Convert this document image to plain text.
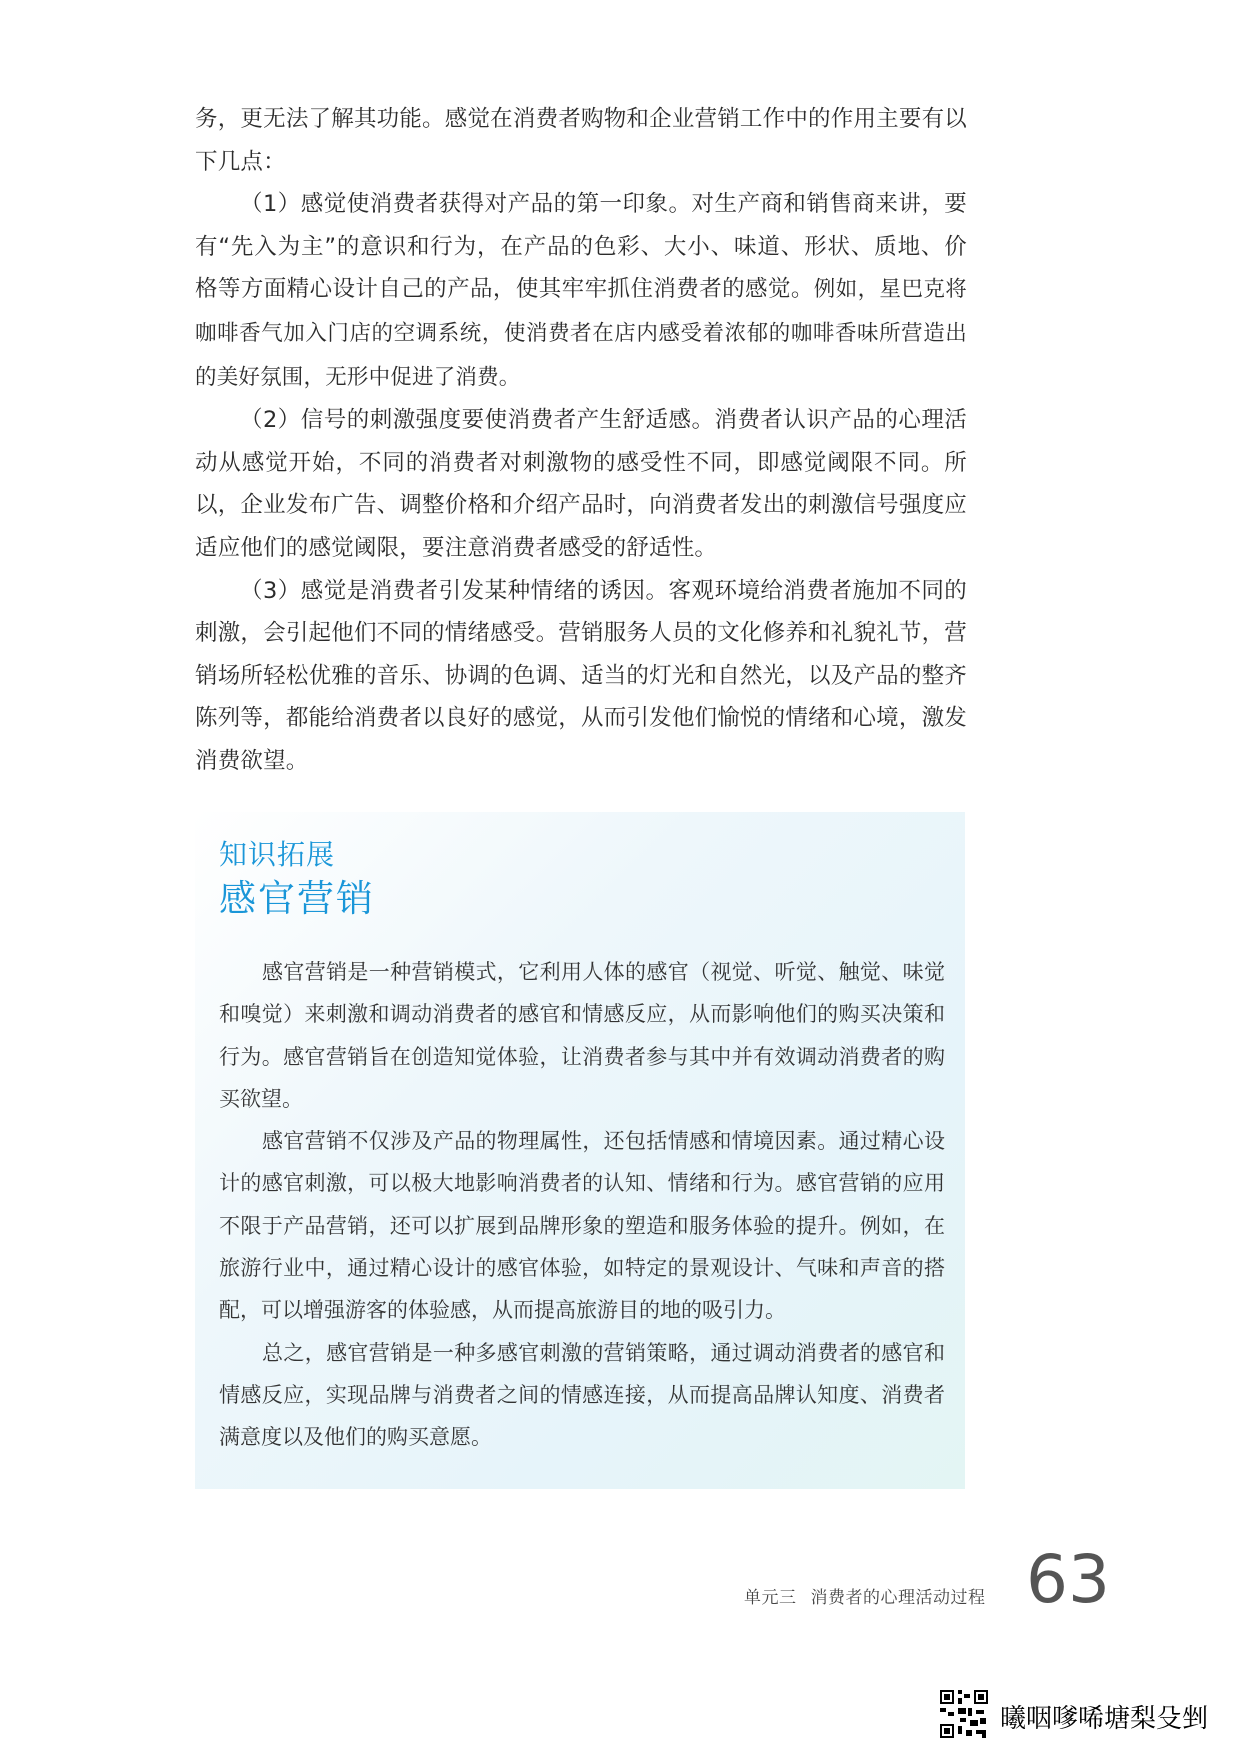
务，更无法了解其功能。感觉在消费者购物和企业营销工作中的作用主要有以下几点：

（1）感觉使消费者获得对产品的第一印象。对生产商和销售商来讲，要有“先入为主”的意识和行为，在产品的色彩、大小、味道、形状、质地、价格等方面精心设计自己的产品，使其牢牢抓住消费者的感觉。例如，星巴克将咖啡香气加入门店的空调系统，使消费者在店内感受着浓郁的咖啡香味所营造出的美好氛围，无形中促进了消费。

（2）信号的刺激强度要使消费者产生舒适感。消费者认识产品的心理活动从感觉开始，不同的消费者对刺激物的感受性不同，即感觉阈限不同。所以，企业发布广告、调整价格和介绍产品时，向消费者发出的刺激信号强度应适应他们的感觉阈限，要注意消费者感受的舒适性。

（3）感觉是消费者引发某种情绪的诱因。客观环境给消费者施加不同的刺激，会引起他们不同的情绪感受。营销服务人员的文化修养和礼貌礼节，营销场所轻松优雅的音乐、协调的色调、适当的灯光和自然光，以及产品的整齐陈列等，都能给消费者以良好的感觉，从而引发他们愉悦的情绪和心境，激发消费欲望。

知识拓展
感官营销

感官营销是一种营销模式，它利用人体的感官（视觉、听觉、触觉、味觉和嗅觉）来刺激和调动消费者的感官和情感反应，从而影响他们的购买决策和行为。感官营销旨在创造知觉体验，让消费者参与其中并有效调动消费者的购买欲望。

感官营销不仅涉及产品的物理属性，还包括情感和情境因素。通过精心设计的感官刺激，可以极大地影响消费者的认知、情绪和行为。感官营销的应用不限于产品营销，还可以扩展到品牌形象的塑造和服务体验的提升。例如，在旅游行业中，通过精心设计的感官体验，如特定的景观设计、气味和声音的搭配，可以增强游客的体验感，从而提高旅游目的地的吸引力。

总之，感官营销是一种多感官刺激的营销策略，通过调动消费者的感官和情感反应，实现品牌与消费者之间的情感连接，从而提高品牌认知度、消费者满意度以及他们的购买意愿。

单元三 消费者的心理活动过程 63
曦咽嗲唏塘梨殳剉
